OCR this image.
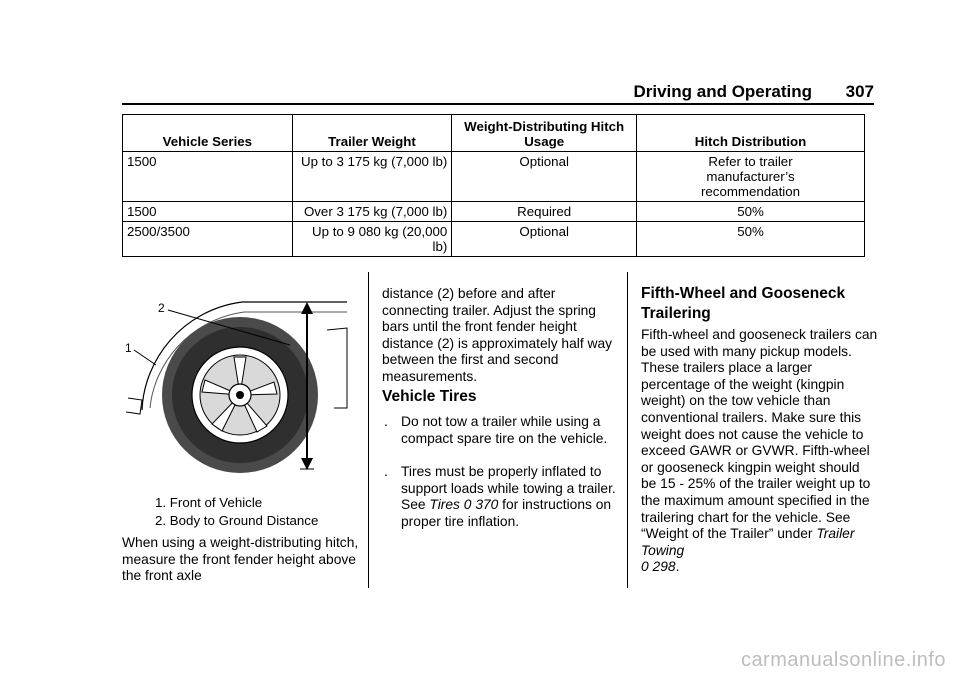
Driving and Operating 307
Vehicle Series	Trailer Weight	Weight-Distributing Hitch Usage	Hitch Distribution
1500	Up to 3 175 kg (7,000 lb)	Optional	Refer to trailer manufacturer’s recommendation
1500	Over 3 175 kg (7,000 lb)	Required	50%
2500/3500	Up to 9 080 kg (20,000 lb)	Optional	50%
2
1
1. Front of Vehicle
2. Body to Ground Distance
When using a weight-distributing hitch, measure the front fender height above the front axle
distance (2) before and after connecting trailer. Adjust the spring bars until the front fender height distance (2) is approximately half way between the first and second measurements.
Vehicle Tires
. Do not tow a trailer while using a compact spare tire on the vehicle.
. Tires must be properly inflated to support loads while towing a trailer. See Tires 0 370 for instructions on proper tire inflation.
Fifth-Wheel and Gooseneck Trailering
Fifth-wheel and gooseneck trailers can be used with many pickup models. These trailers place a larger percentage of the weight (kingpin weight) on the tow vehicle than conventional trailers. Make sure this weight does not cause the vehicle to exceed GAWR or GVWR. Fifth-wheel or gooseneck kingpin weight should be 15 - 25% of the trailer weight up to the maximum amount specified in the trailering chart for the vehicle. See “Weight of the Trailer” under Trailer Towing
0 298.
carmanualsonline.info
